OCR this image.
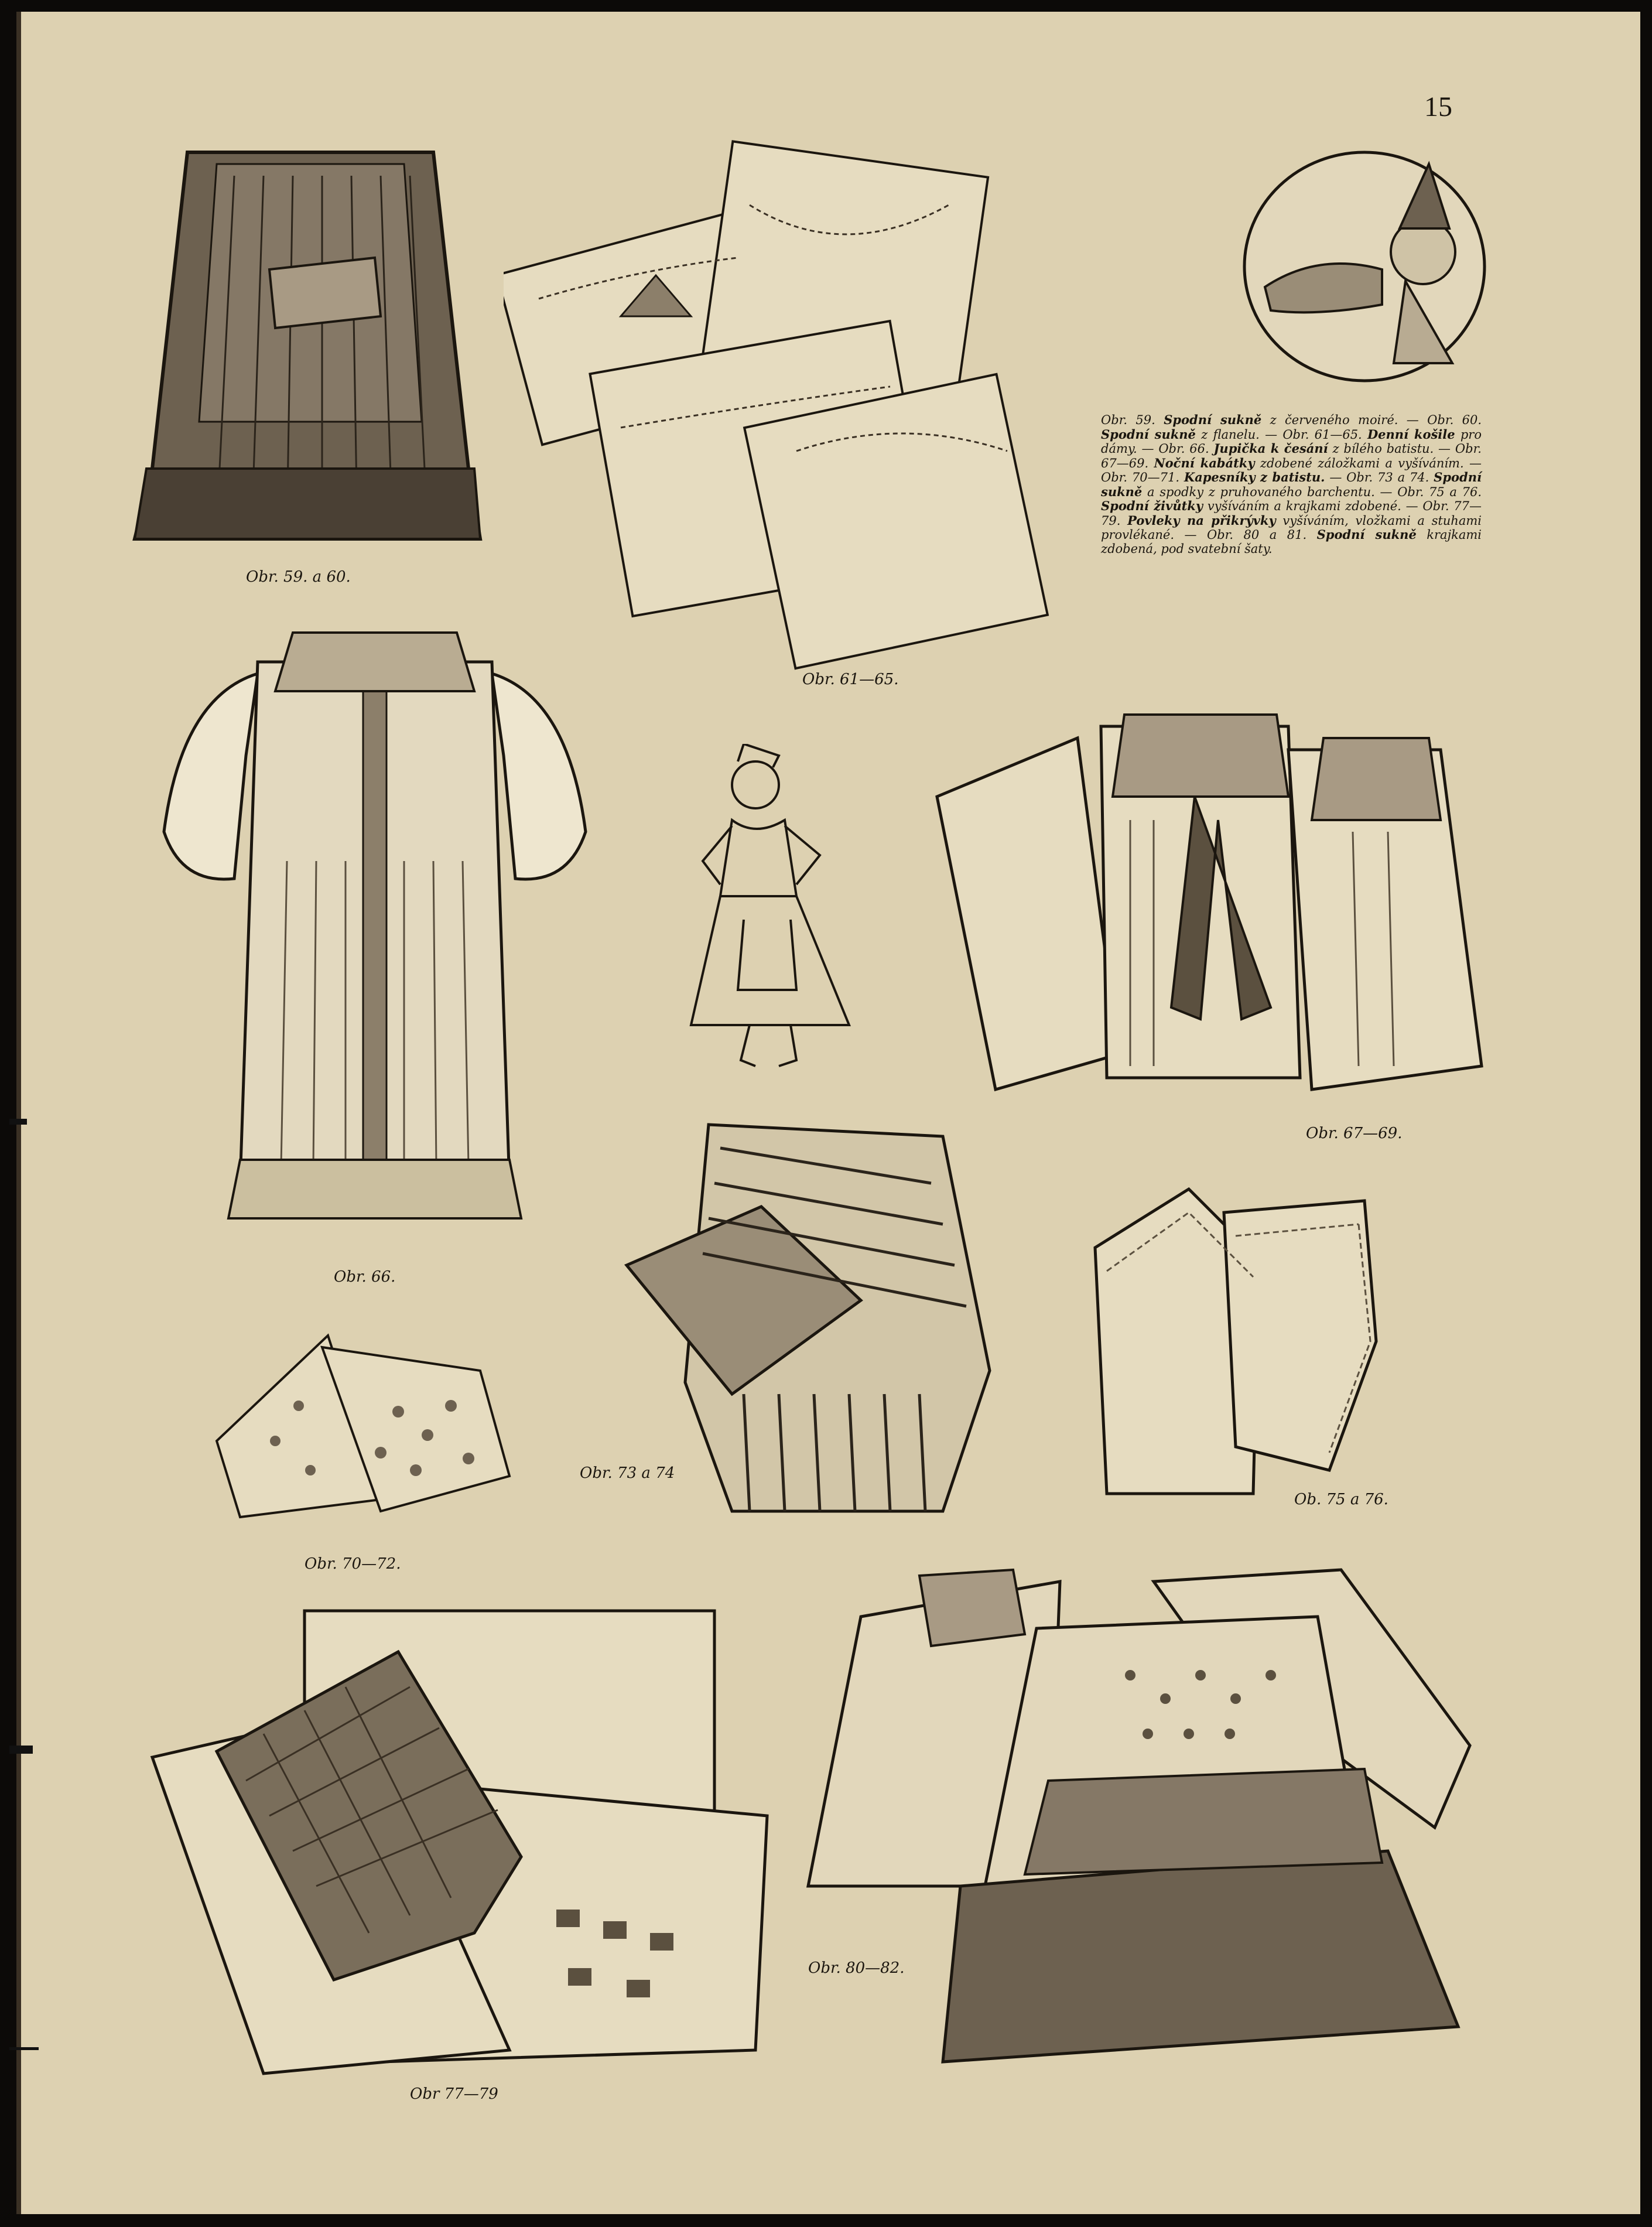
15
Obr. 59. a 60.
Obr. 61—65.
Obr. 59. Spodní sukně z červeného moiré. — Obr. 60. Spodní sukně z flanelu. — Obr. 61—65. Denní košile pro dámy. — Obr. 66. Jupička k česání z bílého batistu. — Obr. 67—69. Noční kabátky zdobené záložkami a vyšíváním. — Obr. 70—71. Kapesníky z batistu. — Obr. 73 a 74. Spodní sukně a spodky z pruhovaného barchentu. — Obr. 75 a 76. Spodní živůtky vyšíváním a krajkami zdobené. — Obr. 77—79. Povleky na přikrývky vyšíváním, vložkami a stuhami provlékané. — Obr. 80 a 81. Spodní sukně krajkami zdobená, pod svatební šaty.
Obr. 66.
Obr. 67—69.
Obr. 70—72.
Obr. 73 a 74
Ob. 75 a 76.
Obr 77—79
Obr. 80—82.
